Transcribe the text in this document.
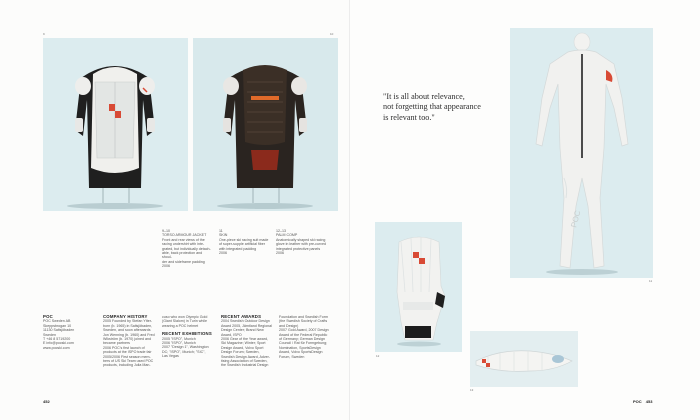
9	10
9–10
TORSO ARMOUR JACKET
Front and rear views of the
racing undershirt with inte-
grated, but individually detach-
able, back protection and shoul-
der and sideframe padding
2006
11
SKIN
One-piece ski racing suit made
of super-supple artificial fiber
with integrated padding
2006
12–13
PALM COMP
Anatomically shaped ski racing
glove in leather with pre-curved
integrated protective panels
2006
POC
POC Sweden AB
Skeppsbrogan 10
11130 Saltsjöbaden
Sweden
T +46 8 5719200
E info@pocski.com
www.pocski.com
COMPANY HISTORY
2005 Founded by Stefan Ytter-
born (b. 1965) in Saltsjöbaden,
Sweden, and soon afterwards
Jon Wenning (b. 1960) and Fred
Wikström (b. 1970) joined and
became partners
2006 POC's first launch of
products at the ISPO trade fair
2005/2006 First season mem-
bers of US Ski Team used POC
products, including Julia Man-
cuso who won Olympic Gold
(Giant Slalom) in Turin while
wearing a POC helmet
RECENT EXHIBITIONS
2005 "ISPO", Munich
2006 "ISPO", Munich
2007 "Design 1", Washington
DC; "ISPO", Munich; "SIC",
Las Vegas
RECENT AWARDS
2004 Swedish Outdoor Design
Award 2005, Jämtland Regional
Design Center; Brand New
Award, ISPO
2006 Gear of the Year award,
Ski Magazine; Winter; Sport
Design Award, Volvo Sport
Design Forum; Sweden,
Swedish Design Award, Adver-
tising Association of Sweden,
the Swedish Industrial Design
Foundation and Swedish Form
(the Swedish Society of Crafts
and Design)
2007 Gold Award, 2007 Design
Award of the Federal Republic
of Germany; German Design
Council / Rat für Formgebung;
Nomination, SportsDesign
Award, Volvo SportsDesign
Forum, Sweden
452
"It is all about relevance,
not forgetting that appearance
is relevant too."
POC
11
12
13
POC 453
